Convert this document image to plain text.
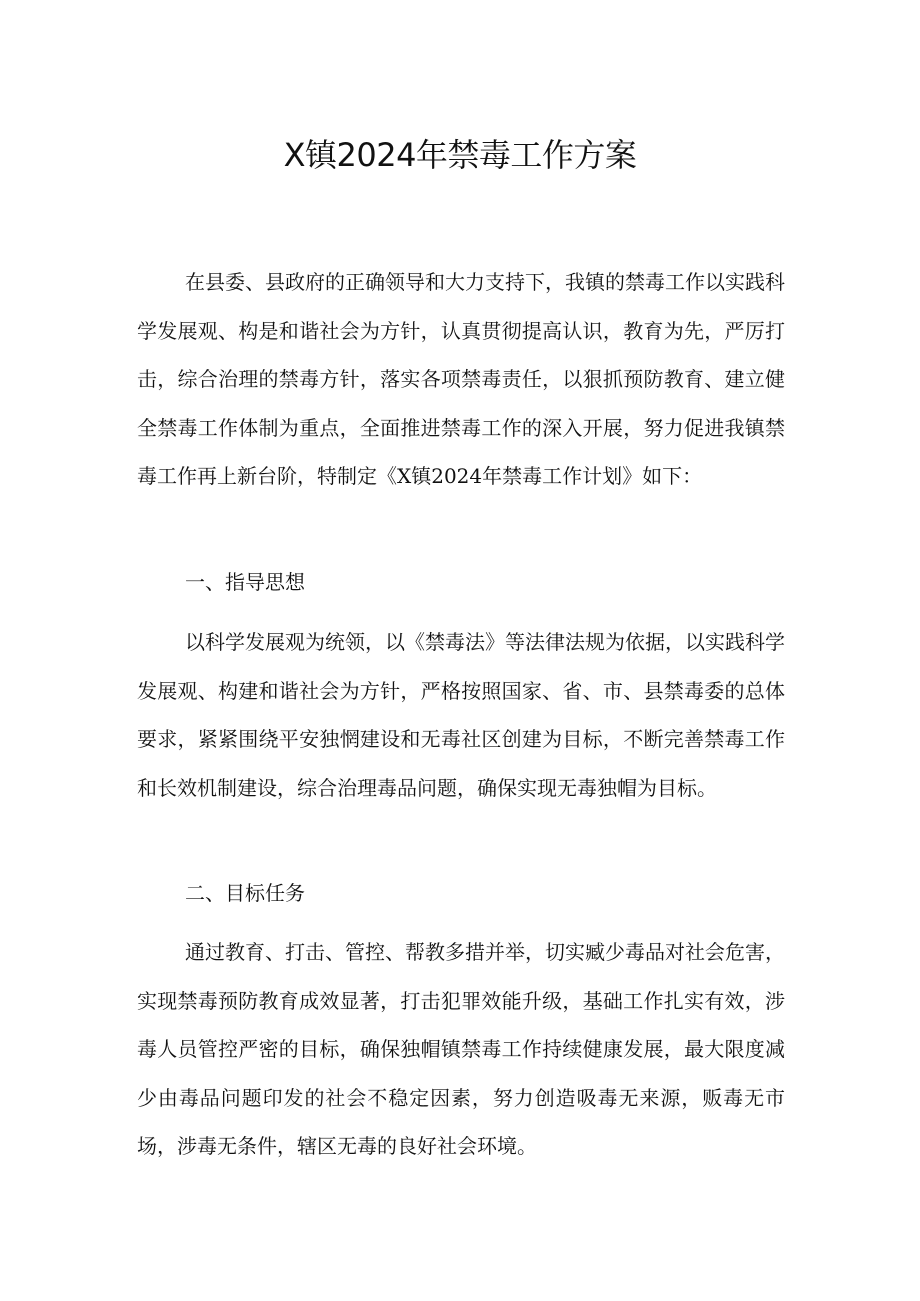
X镇2024年禁毒工作方案

在县委、县政府的正确领导和大力支持下，我镇的禁毒工作以实践科学发展观、构是和谐社会为方针，认真贯彻提高认识，教育为先，严厉打击，综合治理的禁毒方针，落实各项禁毒责任，以狠抓预防教育、建立健全禁毒工作体制为重点，全面推进禁毒工作的深入开展，努力促进我镇禁毒工作再上新台阶，特制定《X镇2024年禁毒工作计划》如下：

一、指导思想

以科学发展观为统领，以《禁毒法》等法律法规为依据，以实践科学发展观、构建和谐社会为方针，严格按照国家、省、市、县禁毒委的总体要求，紧紧围绕平安独惘建设和无毒社区创建为目标，不断完善禁毒工作和长效机制建设，综合治理毒品问题，确保实现无毒独帽为目标。

二、目标任务

通过教育、打击、管控、帮教多措并举，切实臧少毒品对社会危害，实现禁毒预防教育成效显著，打击犯罪效能升级，基础工作扎实有效，涉毒人员管控严密的目标，确保独帽镇禁毒工作持续健康发展，最大限度减少由毒品问题印发的社会不稳定因素，努力创造吸毒无来源，贩毒无市场，涉毒无条件，辖区无毒的良好社会环境。
